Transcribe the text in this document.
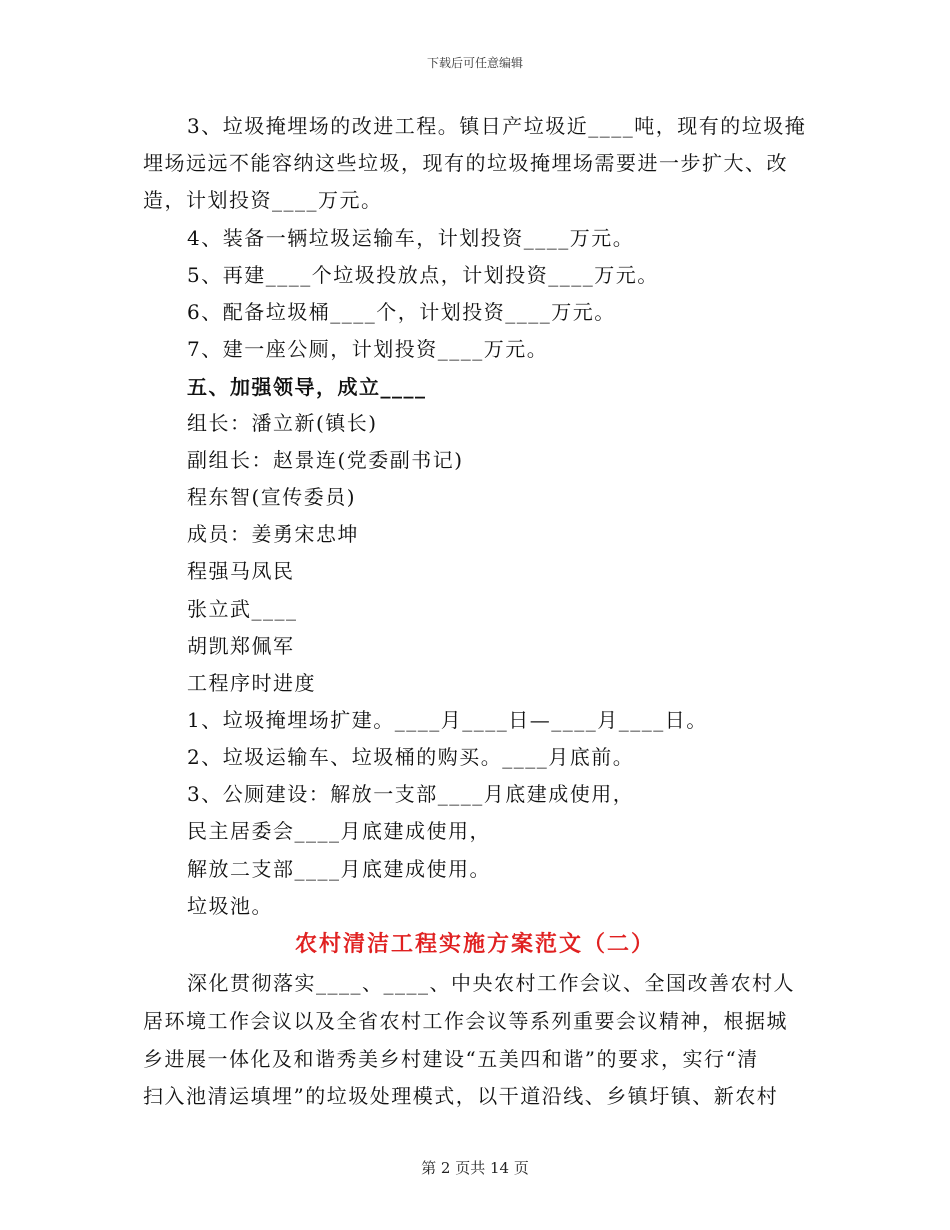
下载后可任意编辑
3、垃圾掩埋场的改进工程。镇日产垃圾近____吨，现有的垃圾掩
埋场远远不能容纳这些垃圾，现有的垃圾掩埋场需要进一步扩大、改
造，计划投资____万元。
4、装备一辆垃圾运输车，计划投资____万元。
5、再建____个垃圾投放点，计划投资____万元。
6、配备垃圾桶____个，计划投资____万元。
7、建一座公厕，计划投资____万元。
五、加强领导，成立____
组长：潘立新(镇长)
副组长：赵景连(党委副书记)
程东智(宣传委员)
成员：姜勇宋忠坤
程强马凤民
张立武____
胡凯郑佩军
工程序时进度
1、垃圾掩埋场扩建。____月____日—____月____日。
2、垃圾运输车、垃圾桶的购买。____月底前。
3、公厕建设：解放一支部____月底建成使用，
民主居委会____月底建成使用，
解放二支部____月底建成使用。
垃圾池。
农村清洁工程实施方案范文（二）
深化贯彻落实____、____、中央农村工作会议、全国改善农村人
居环境工作会议以及全省农村工作会议等系列重要会议精神，根据城
乡进展一体化及和谐秀美乡村建设“五美四和谐”的要求，实行“清
扫入池清运填埋”的垃圾处理模式，以干道沿线、乡镇圩镇、新农村
第 2 页共 14 页
